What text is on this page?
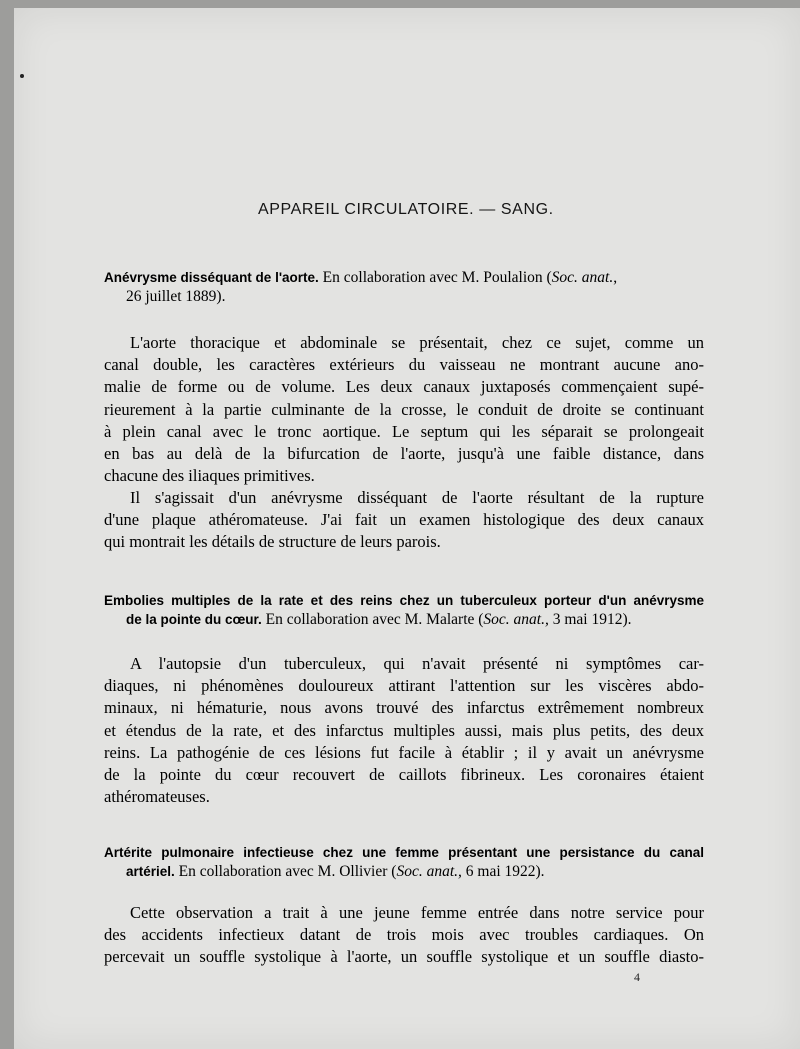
APPAREIL CIRCULATOIRE. — SANG.
Anévrysme disséquant de l'aorte. En collaboration avec M. Poulalion (Soc. anat.,
26 juillet 1889).
L'aorte thoracique et abdominale se présentait, chez ce sujet, comme un
canal double, les caractères extérieurs du vaisseau ne montrant aucune ano-
malie de forme ou de volume. Les deux canaux juxtaposés commençaient supé-
rieurement à la partie culminante de la crosse, le conduit de droite se continuant
à plein canal avec le tronc aortique. Le septum qui les séparait se prolongeait
en bas au delà de la bifurcation de l'aorte, jusqu'à une faible distance, dans
chacune des iliaques primitives.
Il s'agissait d'un anévrysme disséquant de l'aorte résultant de la rupture
d'une plaque athéromateuse. J'ai fait un examen histologique des deux canaux
qui montrait les détails de structure de leurs parois.
Embolies multiples de la rate et des reins chez un tuberculeux porteur d'un anévrysme
de la pointe du cœur. En collaboration avec M. Malarte (Soc. anat., 3 mai 1912).
A l'autopsie d'un tuberculeux, qui n'avait présenté ni symptômes car-
diaques, ni phénomènes douloureux attirant l'attention sur les viscères abdo-
minaux, ni hématurie, nous avons trouvé des infarctus extrêmement nombreux
et étendus de la rate, et des infarctus multiples aussi, mais plus petits, des deux
reins. La pathogénie de ces lésions fut facile à établir ; il y avait un anévrysme
de la pointe du cœur recouvert de caillots fibrineux. Les coronaires étaient
athéromateuses.
Artérite pulmonaire infectieuse chez une femme présentant une persistance du canal
artériel. En collaboration avec M. Ollivier (Soc. anat., 6 mai 1922).
Cette observation a trait à une jeune femme entrée dans notre service pour
des accidents infectieux datant de trois mois avec troubles cardiaques. On
percevait un souffle systolique à l'aorte, un souffle systolique et un souffle diasto-
4
